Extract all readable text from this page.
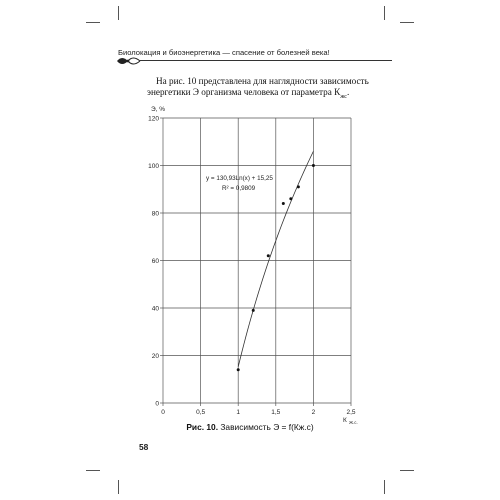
Биолокация и биоэнергетика — спасение от болезней века!
На рис. 10 представлена для наглядности зависимость
энергетики Э организма человека от параметра $К_{жс}$.
0	0,5	1	1,5	2	2,5
0
20
40
60
80
100
120
Э, %
К Ж.с.
y = 130,93Ln(x) + 15,25
R² = 0,9809
Рис. 10. Зависимость Э = f(Кж.с)
58
